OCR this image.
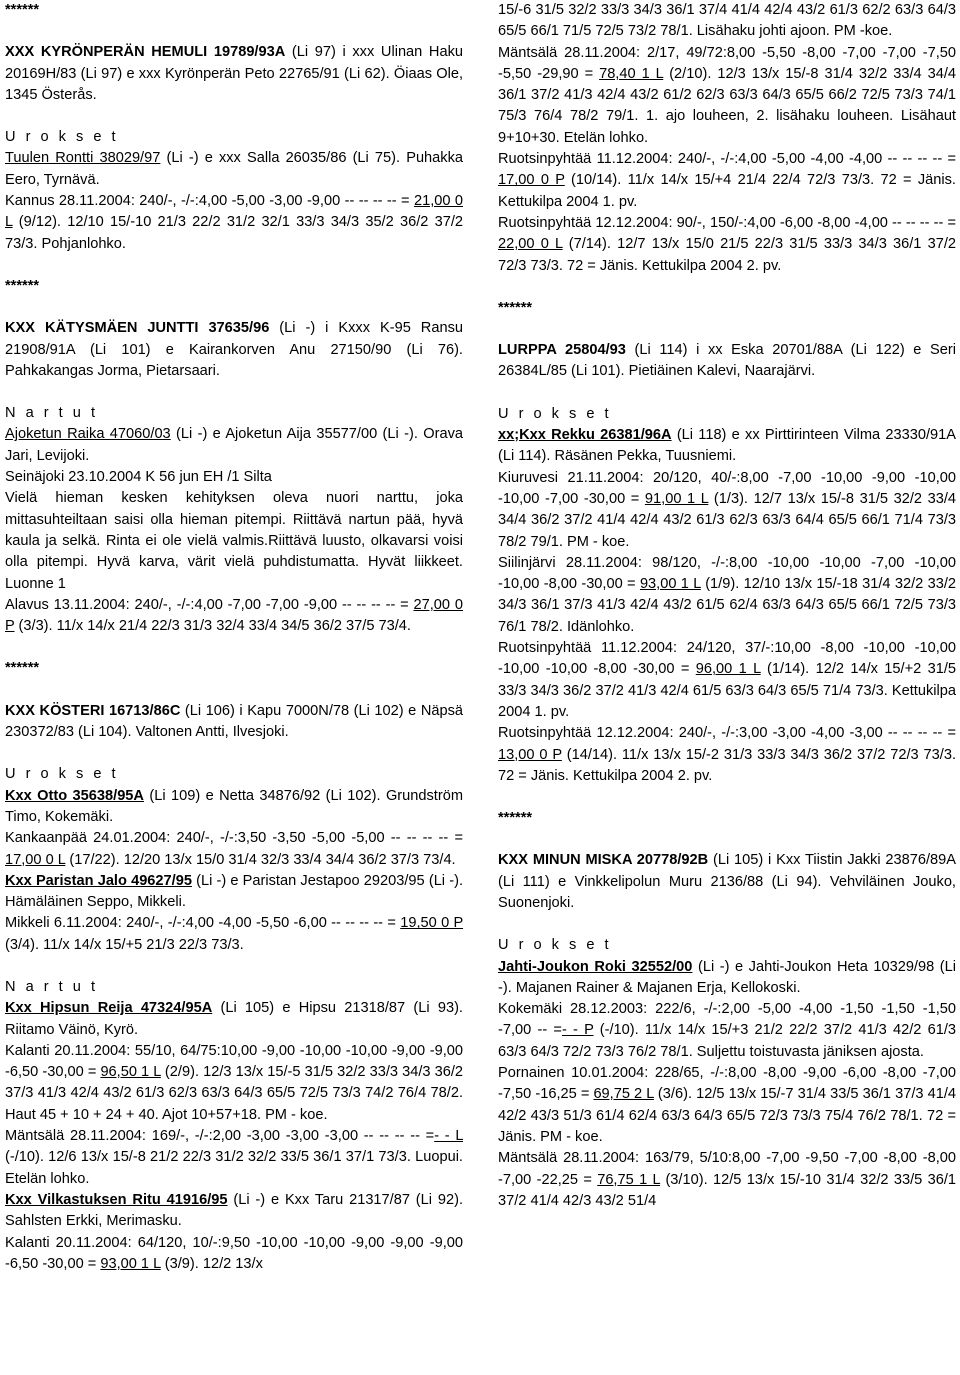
******

XXX KYRÖNPERÄN HEMULI 19789/93A (Li 97) i xxx Ulinan Haku 20169H/83 (Li 97) e xxx Kyrönperän Peto 22765/91 (Li 62). Öiaas Ole, 1345 Österås.

U r o k s e t

Tuulen Rontti 38029/97 (Li -) e xxx Salla 26035/86 (Li 75). Puhakka Eero, Tyrnävä.

Kannus 28.11.2004: 240/-, -/-:4,00 -5,00 -3,00 -9,00 -- -- -- -- = 21,00 0 L (9/12). 12/10 15/-10 21/3 22/2 31/2 32/1 33/3 34/3 35/2 36/2 37/2 73/3. Pohjanlohko.

******

KXX KÄTYSMÄEN JUNTTI 37635/96 (Li -) i Kxxx K-95 Ransu 21908/91A (Li 101) e Kairankorven Anu 27150/90 (Li 76). Pahkakangas Jorma, Pietarsaari.

N a r t u t

Ajoketun Raika 47060/03 (Li -) e Ajoketun Aija 35577/00 (Li -). Orava Jari, Levijoki.

Seinäjoki 23.10.2004 K 56 jun EH /1 Silta

Vielä hieman kesken kehityksen oleva nuori narttu, joka mittasuhteiltaan saisi olla hieman pitempi. Riittävä nartun pää, hyvä kaula ja selkä. Rinta ei ole vielä valmis.Riittävä luusto, olkavarsi voisi olla pitempi. Hyvä karva, värit vielä puhdistumatta. Hyvät liikkeet. Luonne 1

Alavus 13.11.2004: 240/-, -/-:4,00 -7,00 -7,00 -9,00 -- -- -- -- = 27,00 0 P (3/3). 11/x 14/x 21/4 22/3 31/3 32/4 33/4 34/5 36/2 37/5 73/4.

******

KXX KÖSTERI 16713/86C (Li 106) i Kapu 7000N/78 (Li 102) e Näpsä 230372/83 (Li 104). Valtonen Antti, Ilvesjoki.

U r o k s e t

Kxx Otto 35638/95A (Li 109) e Netta 34876/92 (Li 102). Grundström Timo, Kokemäki.

Kankaanpää 24.01.2004: 240/-, -/-:3,50 -3,50 -5,00 -5,00 -- -- -- -- = 17,00 0 L (17/22). 12/20 13/x 15/0 31/4 32/3 33/4 34/4 36/2 37/3 73/4.

Kxx Paristan Jalo 49627/95 (Li -) e Paristan Jestapoo 29203/95 (Li -). Hämäläinen Seppo, Mikkeli.

Mikkeli 6.11.2004: 240/-, -/-:4,00 -4,00 -5,50 -6,00 -- -- -- -- = 19,50 0 P (3/4). 11/x 14/x 15/+5 21/3 22/3 73/3.

N a r t u t

Kxx Hipsun Reija 47324/95A (Li 105) e Hipsu 21318/87 (Li 93). Riitamo Väinö, Kyrö.

Kalanti 20.11.2004: 55/10, 64/75:10,00 -9,00 -10,00 -10,00 -9,00 -9,00 -6,50 -30,00 = 96,50 1 L (2/9). 12/3 13/x 15/-5 31/5 32/2 33/3 34/3 36/2 37/3 41/3 42/4 43/2 61/3 62/3 63/3 64/3 65/5 72/5 73/3 74/2 76/4 78/2. Haut 45 + 10 + 24 + 40. Ajot 10+57+18. PM - koe.

Mäntsälä 28.11.2004: 169/-, -/-:2,00 -3,00 -3,00 -3,00 -- -- -- -- =- - L (-/10). 12/6 13/x 15/-8 21/2 22/3 31/2 32/2 33/5 36/1 37/1 73/3. Luopui. Etelän lohko.

Kxx Vilkastuksen Ritu 41916/95 (Li -) e Kxx Taru 21317/87 (Li 92). Sahlsten Erkki, Merimasku.

Kalanti 20.11.2004: 64/120, 10/-:9,50 -10,00 -10,00 -9,00 -9,00 -9,00 -6,50 -30,00 = 93,00 1 L (3/9). 12/2 13/x

15/-6 31/5 32/2 33/3 34/3 36/1 37/4 41/4 42/4 43/2 61/3 62/2 63/3 64/3 65/5 66/1 71/5 72/5 73/2 78/1. Lisähaku johti ajoon. PM -koe.

Mäntsälä 28.11.2004: 2/17, 49/72:8,00 -5,50 -8,00 -7,00 -7,00 -7,50 -5,50 -29,90 = 78,40 1 L (2/10). 12/3 13/x 15/-8 31/4 32/2 33/4 34/4 36/1 37/2 41/3 42/4 43/2 61/2 62/3 63/3 64/3 65/5 66/2 72/5 73/3 74/1 75/3 76/4 78/2 79/1. 1. ajo louheen, 2. lisähaku louheen. Lisähaut 9+10+30. Etelän lohko.

Ruotsinpyhtää 11.12.2004: 240/-, -/-:4,00 -5,00 -4,00 -4,00 -- -- -- -- = 17,00 0 P (10/14). 11/x 14/x 15/+4 21/4 22/4 72/3 73/3. 72 = Jänis. Kettukilpa 2004 1. pv.

Ruotsinpyhtää 12.12.2004: 90/-, 150/-:4,00 -6,00 -8,00 -4,00 -- -- -- -- = 22,00 0 L (7/14). 12/7 13/x 15/0 21/5 22/3 31/5 33/3 34/3 36/1 37/2 72/3 73/3. 72 = Jänis. Kettukilpa 2004 2. pv.

******

LURPPA 25804/93 (Li 114) i xx Eska 20701/88A (Li 122) e Seri 26384L/85 (Li 101). Pietiäinen Kalevi, Naarajärvi.

U r o k s e t

xx;Kxx Rekku 26381/96A (Li 118) e xx Pirttirinteen Vilma 23330/91A (Li 114). Räsänen Pekka, Tuusniemi.

Kiuruvesi 21.11.2004: 20/120, 40/-:8,00 -7,00 -10,00 -9,00 -10,00 -10,00 -7,00 -30,00 = 91,00 1 L (1/3). 12/7 13/x 15/-8 31/5 32/2 33/4 34/4 36/2 37/2 41/4 42/4 43/2 61/3 62/3 63/3 64/4 65/5 66/1 71/4 73/3 78/2 79/1. PM - koe.

Siilinjärvi 28.11.2004: 98/120, -/-:8,00 -10,00 -10,00 -7,00 -10,00 -10,00 -8,00 -30,00 = 93,00 1 L (1/9). 12/10 13/x 15/-18 31/4 32/2 33/2 34/3 36/1 37/3 41/3 42/4 43/2 61/5 62/4 63/3 64/3 65/5 66/1 72/5 73/3 76/1 78/2. Idänlohko.

Ruotsinpyhtää 11.12.2004: 24/120, 37/-:10,00 -8,00 -10,00 -10,00 -10,00 -10,00 -8,00 -30,00 = 96,00 1 L (1/14). 12/2 14/x 15/+2 31/5 33/3 34/3 36/2 37/2 41/3 42/4 61/5 63/3 64/3 65/5 71/4 73/3. Kettukilpa 2004 1. pv.

Ruotsinpyhtää 12.12.2004: 240/-, -/-:3,00 -3,00 -4,00 -3,00 -- -- -- -- = 13,00 0 P (14/14). 11/x 13/x 15/-2 31/3 33/3 34/3 36/2 37/2 72/3 73/3. 72 = Jänis. Kettukilpa 2004 2. pv.

******

KXX MINUN MISKA 20778/92B (Li 105) i Kxx Tiistin Jakki 23876/89A (Li 111) e Vinkkelipolun Muru 2136/88 (Li 94). Vehviläinen Jouko, Suonenjoki.

U r o k s e t

Jahti-Joukon Roki 32552/00 (Li -) e Jahti-Joukon Heta 10329/98 (Li -). Majanen Rainer & Majanen Erja, Kellokoski.

Kokemäki 28.12.2003: 222/6, -/-:2,00 -5,00 -4,00 -1,50 -1,50 -1,50 -7,00 -- =- - P (-/10). 11/x 14/x 15/+3 21/2 22/2 37/2 41/3 42/2 61/3 63/3 64/3 72/2 73/3 76/2 78/1. Suljettu toistuvasta jäniksen ajosta.

Pornainen 10.01.2004: 228/65, -/-:8,00 -8,00 -9,00 -6,00 -8,00 -7,00 -7,50 -16,25 = 69,75 2 L (3/6). 12/5 13/x 15/-7 31/4 33/5 36/1 37/3 41/4 42/2 43/3 51/3 61/4 62/4 63/3 64/3 65/5 72/3 73/3 75/4 76/2 78/1. 72 = Jänis. PM - koe.

Mäntsälä 28.11.2004: 163/79, 5/10:8,00 -7,00 -9,50 -7,00 -8,00 -8,00 -7,00 -22,25 = 76,75 1 L (3/10). 12/5 13/x 15/-10 31/4 32/2 33/5 36/1 37/2 41/4 42/3 43/2 51/4
